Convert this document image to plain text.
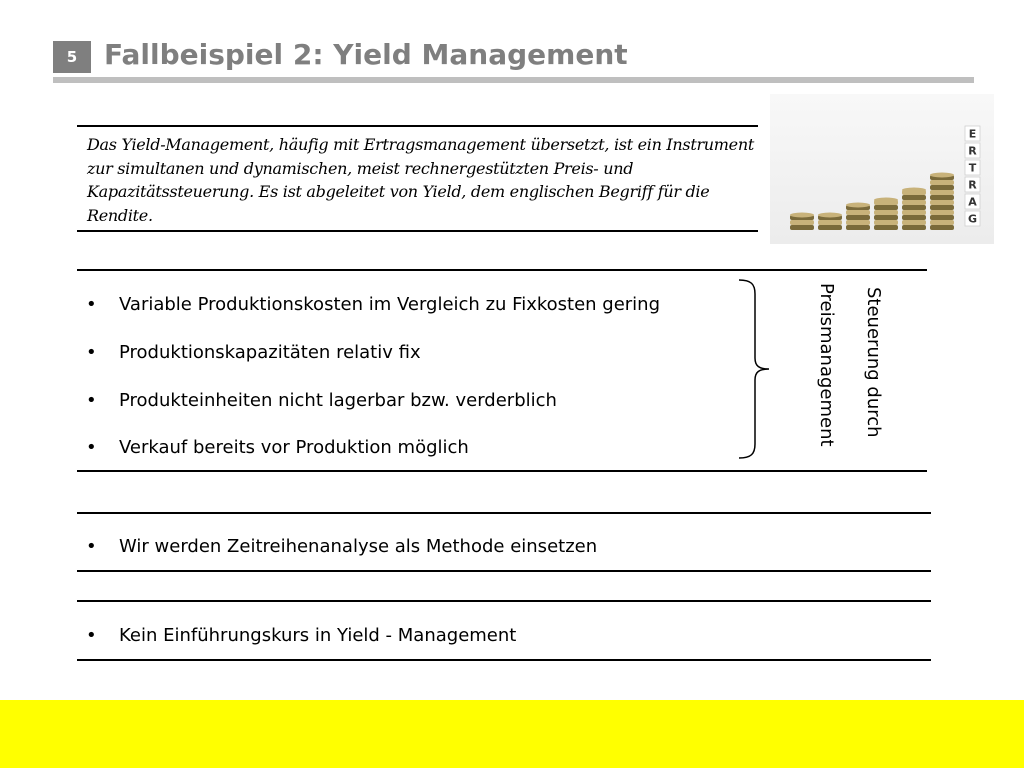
5 Fallbeispiel 2: Yield Management
Das Yield-Management, häufig mit Ertragsmanagement übersetzt, ist ein Instrument zur simultanen und dynamischen, meist rechnergestützten Preis- und Kapazitätssteuerung. Es ist abgeleitet von Yield, dem englischen Begriff für die Rendite.
E
R
T
R
A
G
• Variable Produktionskosten im Vergleich zu Fixkosten gering
• Produktionskapazitäten relativ fix
• Produkteinheiten nicht lagerbar bzw. verderblich
• Verkauf bereits vor Produktion möglich
Steuerung durch
Preismanagement
• Wir werden Zeitreihenanalyse als Methode einsetzen
• Kein Einführungskurs in Yield - Management
